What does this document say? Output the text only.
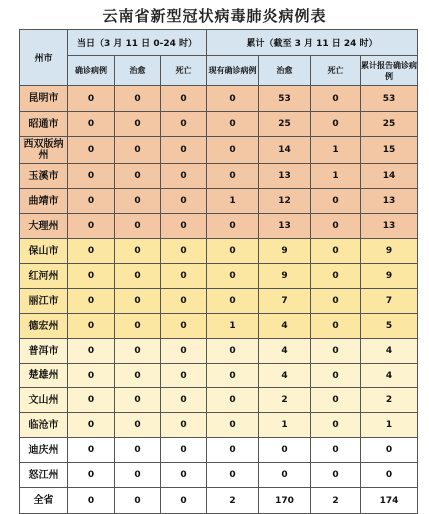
云南省新型冠状病毒肺炎病例表
州市	当日（3 月 11 日 0-24 时）			累计（截至 3 月 11 日 24 时）			
	确诊病例	治愈	死亡	现有确诊病例	治愈	死亡	累计报告确诊病例
昆明市	0	0	0	0	53	0	53
昭通市	0	0	0	0	25	0	25
西双版纳州	0	0	0	0	14	1	15
玉溪市	0	0	0	0	13	1	14
曲靖市	0	0	0	1	12	0	13
大理州	0	0	0	0	13	0	13
保山市	0	0	0	0	9	0	9
红河州	0	0	0	0	9	0	9
丽江市	0	0	0	0	7	0	7
德宏州	0	0	0	1	4	0	5
普洱市	0	0	0	0	4	0	4
楚雄州	0	0	0	0	4	0	4
文山州	0	0	0	0	2	0	2
临沧市	0	0	0	0	1	0	1
迪庆州	0	0	0	0	0	0	0
怒江州	0	0	0	0	0	0	0
全省	0	0	0	2	170	2	174
